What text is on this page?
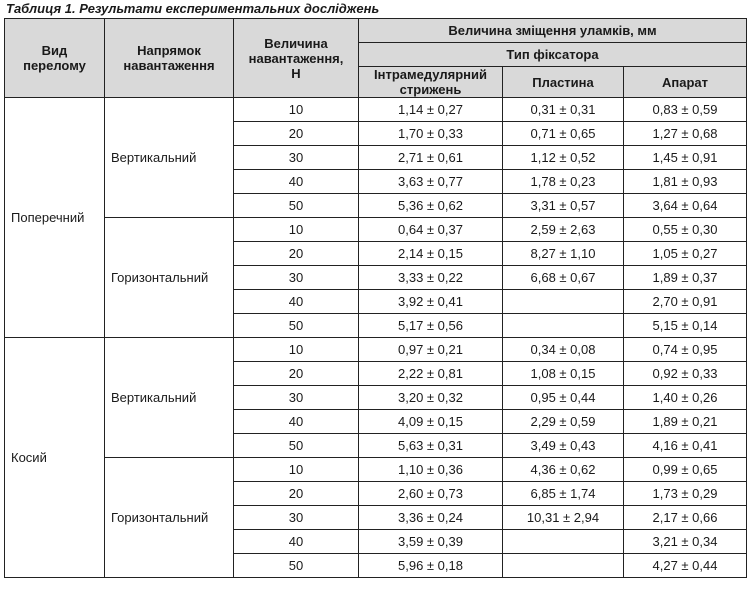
Таблиця 1. Результати експериментальних досліджень
Вид
перелому	Напрямок
навантаження	Величина
навантаження,
Н	Величина зміщення уламків, мм		
			Тип фіксатора		
			Інтрамедулярний
стрижень	Пластина	Апарат
Поперечний	Вертикальний	10	1,14 ± 0,27	0,31 ± 0,31	0,83 ± 0,59
		20	1,70 ± 0,33	0,71 ± 0,65	1,27 ± 0,68
		30	2,71 ± 0,61	1,12 ± 0,52	1,45 ± 0,91
		40	3,63 ± 0,77	1,78 ± 0,23	1,81 ± 0,93
		50	5,36 ± 0,62	3,31 ± 0,57	3,64 ± 0,64
	Горизонтальний	10	0,64 ± 0,37	2,59 ± 2,63	0,55 ± 0,30
		20	2,14 ± 0,15	8,27 ± 1,10	1,05 ± 0,27
		30	3,33 ± 0,22	6,68 ± 0,67	1,89 ± 0,37
		40	3,92 ± 0,41		2,70 ± 0,91
		50	5,17 ± 0,56		5,15 ± 0,14
Косий	Вертикальний	10	0,97 ± 0,21	0,34 ± 0,08	0,74 ± 0,95
		20	2,22 ± 0,81	1,08 ± 0,15	0,92 ± 0,33
		30	3,20 ± 0,32	0,95 ± 0,44	1,40 ± 0,26
		40	4,09 ± 0,15	2,29 ± 0,59	1,89 ± 0,21
		50	5,63 ± 0,31	3,49 ± 0,43	4,16 ± 0,41
	Горизонтальний	10	1,10 ± 0,36	4,36 ± 0,62	0,99 ± 0,65
		20	2,60 ± 0,73	6,85 ± 1,74	1,73 ± 0,29
		30	3,36 ± 0,24	10,31 ± 2,94	2,17 ± 0,66
		40	3,59 ± 0,39		3,21 ± 0,34
		50	5,96 ± 0,18		4,27 ± 0,44
